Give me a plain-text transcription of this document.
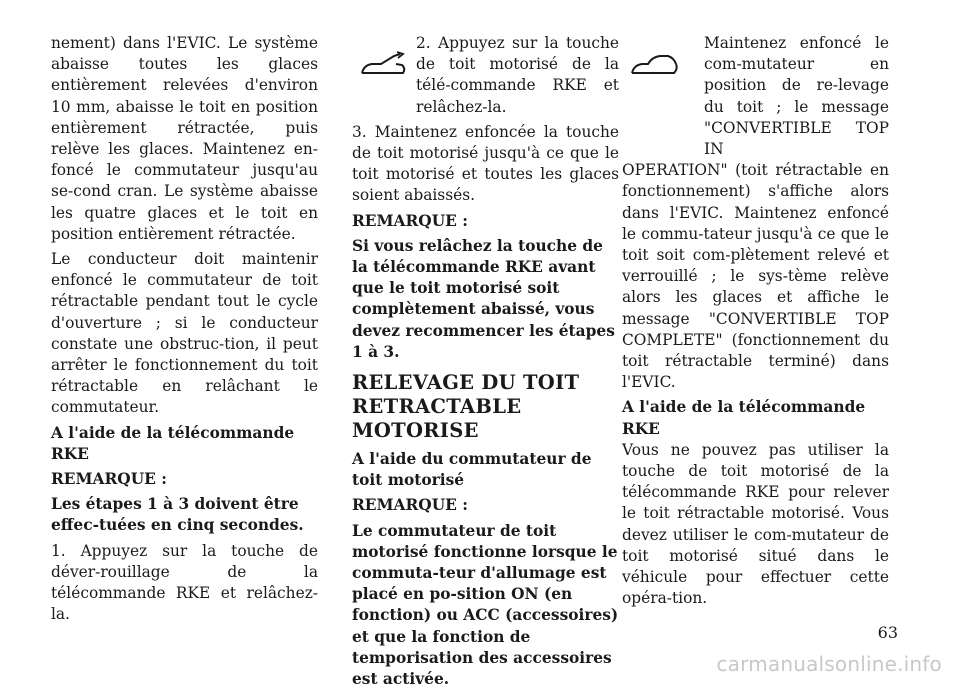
nement) dans l'EVIC. Le système abaisse toutes les glaces entièrement relevées d'environ 10 mm, abaisse le toit en position entièrement rétractée, puis relève les glaces. Maintenez en-foncé le commutateur jusqu'au se-cond cran. Le système abaisse les quatre glaces et le toit en position entièrement rétractée.

Le conducteur doit maintenir enfoncé le commutateur de toit rétractable pendant tout le cycle d'ouverture ; si le conducteur constate une obstruc-tion, il peut arrêter le fonctionnement du toit rétractable en relâchant le commutateur.

A l'aide de la télécommande RKE
REMARQUE :

Les étapes 1 à 3 doivent être effec-tuées en cinq secondes.

1. Appuyez sur la touche de déver-rouillage de la télécommande RKE et relâchez-la.

2. Appuyez sur la touche de toit motorisé de la télé-commande RKE et relâchez-la.

3. Maintenez enfoncée la touche de toit motorisé jusqu'à ce que le toit motorisé et toutes les glaces soient abaissés.

REMARQUE :

Si vous relâchez la touche de la télécommande RKE avant que le toit motorisé soit complètement abaissé, vous devez recommencer les étapes 1 à 3.

RELEVAGE DU TOIT
RETRACTABLE MOTORISE
A l'aide du commutateur de toit motorisé
REMARQUE :

Le commutateur de toit motorisé fonctionne lorsque le commuta-teur d'allumage est placé en po-sition ON (en fonction) ou ACC (accessoires) et que la fonction de temporisation des accessoires est activée.

Maintenez enfoncé le com-mutateur en position de re-levage du toit ; le message "CONVERTIBLE TOP IN

OPERATION" (toit rétractable en fonctionnement) s'affiche alors dans l'EVIC. Maintenez enfoncé le commu-tateur jusqu'à ce que le toit soit com-plètement relevé et verrouillé ; le sys-tème relève alors les glaces et affiche le message "CONVERTIBLE TOP COMPLETE" (fonctionnement du toit rétractable terminé) dans l'EVIC.

A l'aide de la télécommande RKE

Vous ne pouvez pas utiliser la touche de toit motorisé de la télécommande RKE pour relever le toit rétractable motorisé. Vous devez utiliser le com-mutateur de toit motorisé situé dans le véhicule pour effectuer cette opéra-tion.

63
carmanualsonline.info
